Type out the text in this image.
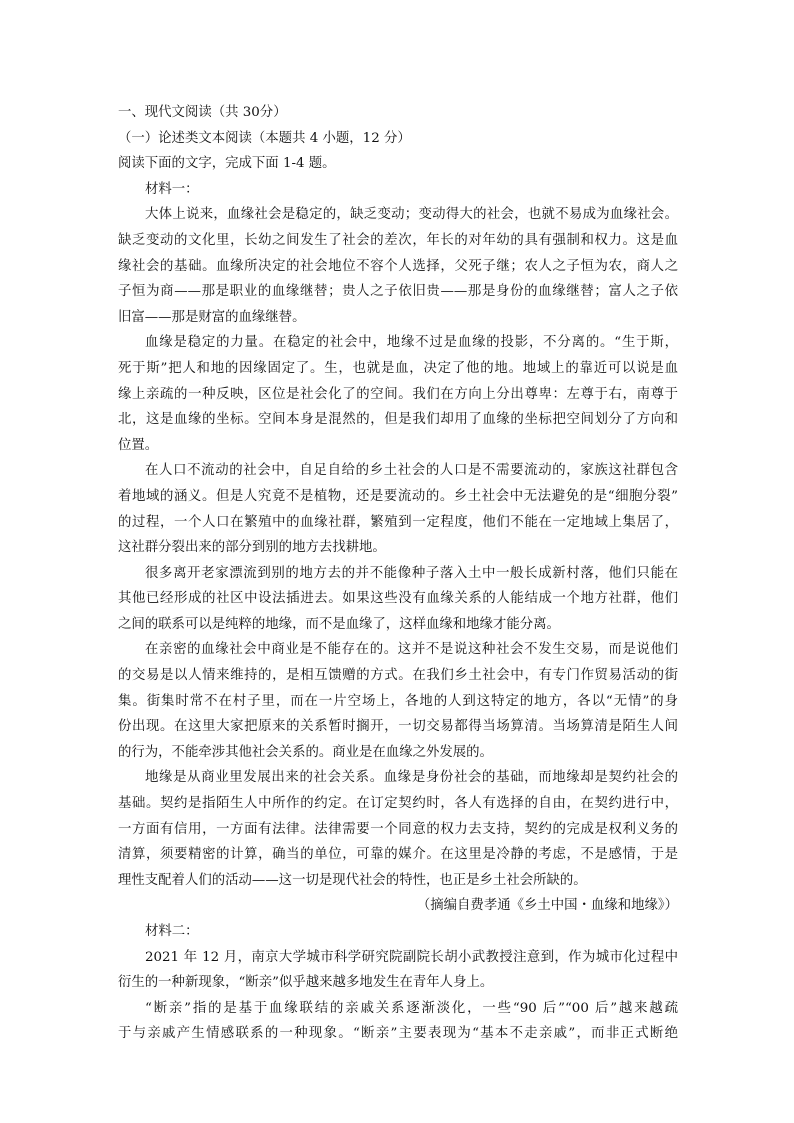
一、现代文阅读（共 30分）
（一）论述类文本阅读（本题共 4 小题，12 分）
阅读下面的文字，完成下面 1-4 题。
材料一：
大体上说来，血缘社会是稳定的，缺乏变动；变动得大的社会，也就不易成为血缘社会。
缺乏变动的文化里，长幼之间发生了社会的差次，年长的对年幼的具有强制和权力。这是血
缘社会的基础。血缘所决定的社会地位不容个人选择，父死子继；农人之子恒为农，商人之
子恒为商——那是职业的血缘继替；贵人之子依旧贵——那是身份的血缘继替；富人之子依
旧富——那是财富的血缘继替。
血缘是稳定的力量。在稳定的社会中，地缘不过是血缘的投影，不分离的。“生于斯，
死于斯”把人和地的因缘固定了。生，也就是血，决定了他的地。地域上的靠近可以说是血
缘上亲疏的一种反映，区位是社会化了的空间。我们在方向上分出尊卑：左尊于右，南尊于
北，这是血缘的坐标。空间本身是混然的，但是我们却用了血缘的坐标把空间划分了方向和
位置。
在人口不流动的社会中，自足自给的乡土社会的人口是不需要流动的，家族这社群包含
着地域的涵义。但是人究竟不是植物，还是要流动的。乡土社会中无法避免的是“细胞分裂”
的过程，一个人口在繁殖中的血缘社群，繁殖到一定程度，他们不能在一定地域上集居了，
这社群分裂出来的部分到别的地方去找耕地。
很多离开老家漂流到别的地方去的并不能像种子落入土中一般长成新村落，他们只能在
其他已经形成的社区中设法插进去。如果这些没有血缘关系的人能结成一个地方社群，他们
之间的联系可以是纯粹的地缘，而不是血缘了，这样血缘和地缘才能分离。
在亲密的血缘社会中商业是不能存在的。这并不是说这种社会不发生交易，而是说他们
的交易是以人情来维持的，是相互馈赠的方式。在我们乡土社会中，有专门作贸易活动的街
集。街集时常不在村子里，而在一片空场上，各地的人到这特定的地方，各以“无情”的身
份出现。在这里大家把原来的关系暂时搁开，一切交易都得当场算清。当场算清是陌生人间
的行为，不能牵涉其他社会关系的。商业是在血缘之外发展的。
地缘是从商业里发展出来的社会关系。血缘是身份社会的基础，而地缘却是契约社会的
基础。契约是指陌生人中所作的约定。在订定契约时，各人有选择的自由，在契约进行中，
一方面有信用，一方面有法律。法律需要一个同意的权力去支持，契约的完成是权利义务的
清算，须要精密的计算，确当的单位，可靠的媒介。在这里是冷静的考虑，不是感情，于是
理性支配着人们的活动——这一切是现代社会的特性，也正是乡土社会所缺的。
（摘编自费孝通《乡土中国・血缘和地缘》）
材料二：
2021 年 12 月，南京大学城市科学研究院副院长胡小武教授注意到，作为城市化过程中
衍生的一种新现象，“断亲”似乎越来越多地发生在青年人身上。
“断亲”指的是基于血缘联结的亲戚关系逐渐淡化，一些“90 后”“00 后”越来越疏
于与亲戚产生情感联系的一种现象。“断亲”主要表现为“基本不走亲戚”，而非正式断绝
